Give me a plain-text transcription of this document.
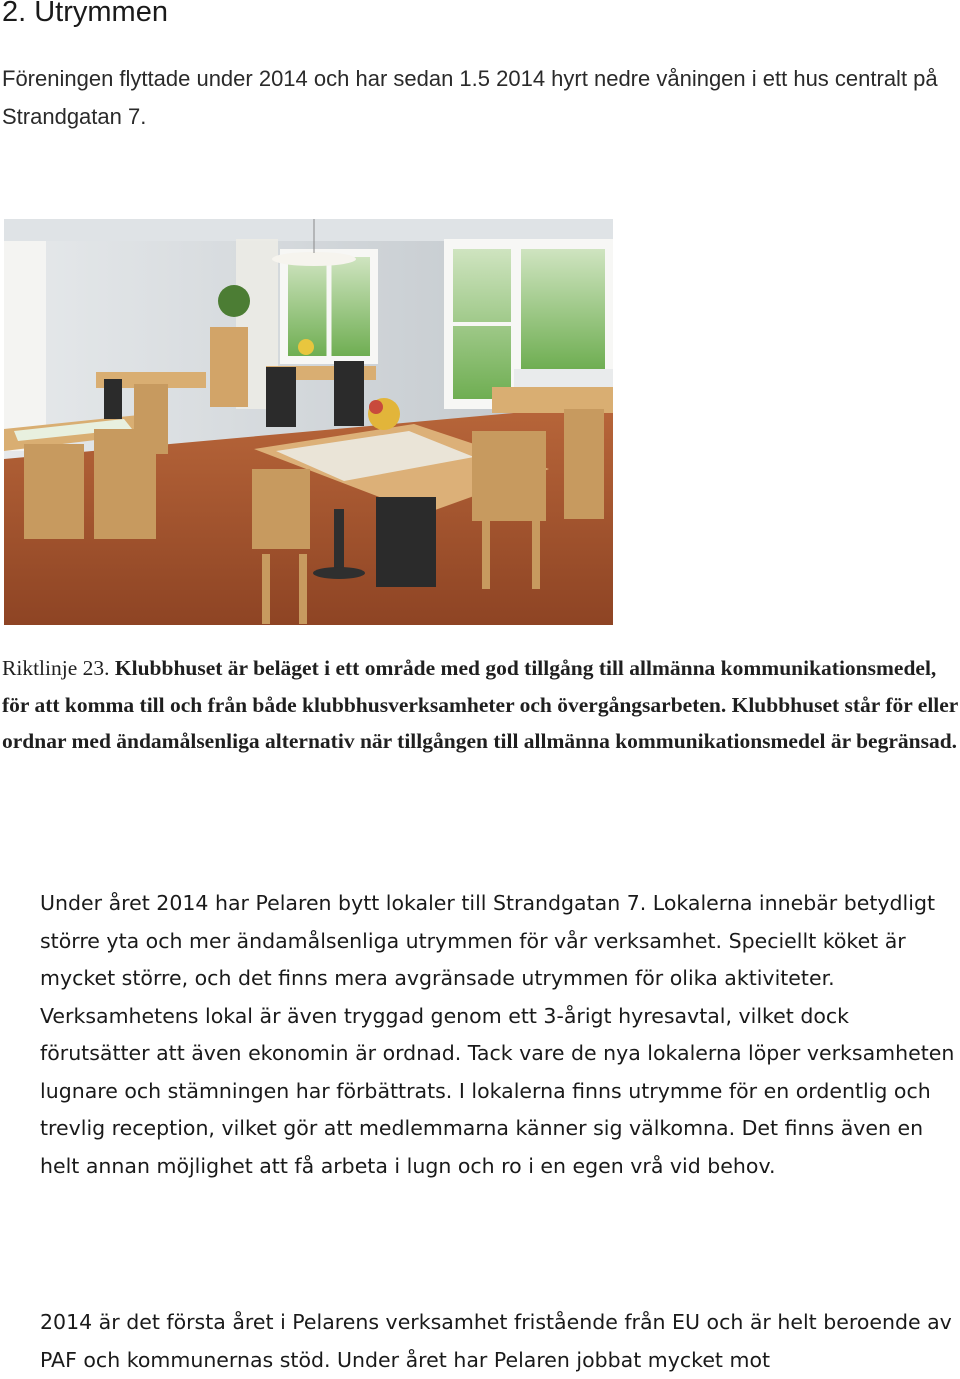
2. Utrymmen

Föreningen flyttade under 2014 och har sedan 1.5 2014 hyrt nedre våningen i ett hus centralt på Strandgatan 7.

Riktlinje 23. Klubbhuset är beläget i ett område med god tillgång till allmänna kommunikationsmedel, för att komma till och från både klubbhusverksamheter och övergångsarbeten. Klubbhuset står för eller ordnar med ändamålsenliga alternativ när tillgången till allmänna kommunikationsmedel är begränsad.

Under året 2014 har Pelaren bytt lokaler till Strandgatan 7. Lokalerna innebär betydligt större yta och mer ändamålsenliga utrymmen för vår verksamhet. Speciellt köket är mycket större, och det finns mera avgränsade utrymmen för olika aktiviteter. Verksamhetens lokal är även tryggad genom ett 3-årigt hyresavtal, vilket dock förutsätter att även ekonomin är ordnad. Tack vare de nya lokalerna löper verksamheten lugnare och stämningen har förbättrats. I lokalerna finns utrymme för en ordentlig och trevlig reception, vilket gör att medlemmarna känner sig välkomna. Det finns även en helt annan möjlighet att få arbeta i lugn och ro i en egen vrå vid behov.

2014 är det första året i Pelarens verksamhet fristående från EU och är helt beroende av PAF och kommunernas stöd. Under året har Pelaren jobbat mycket mot
